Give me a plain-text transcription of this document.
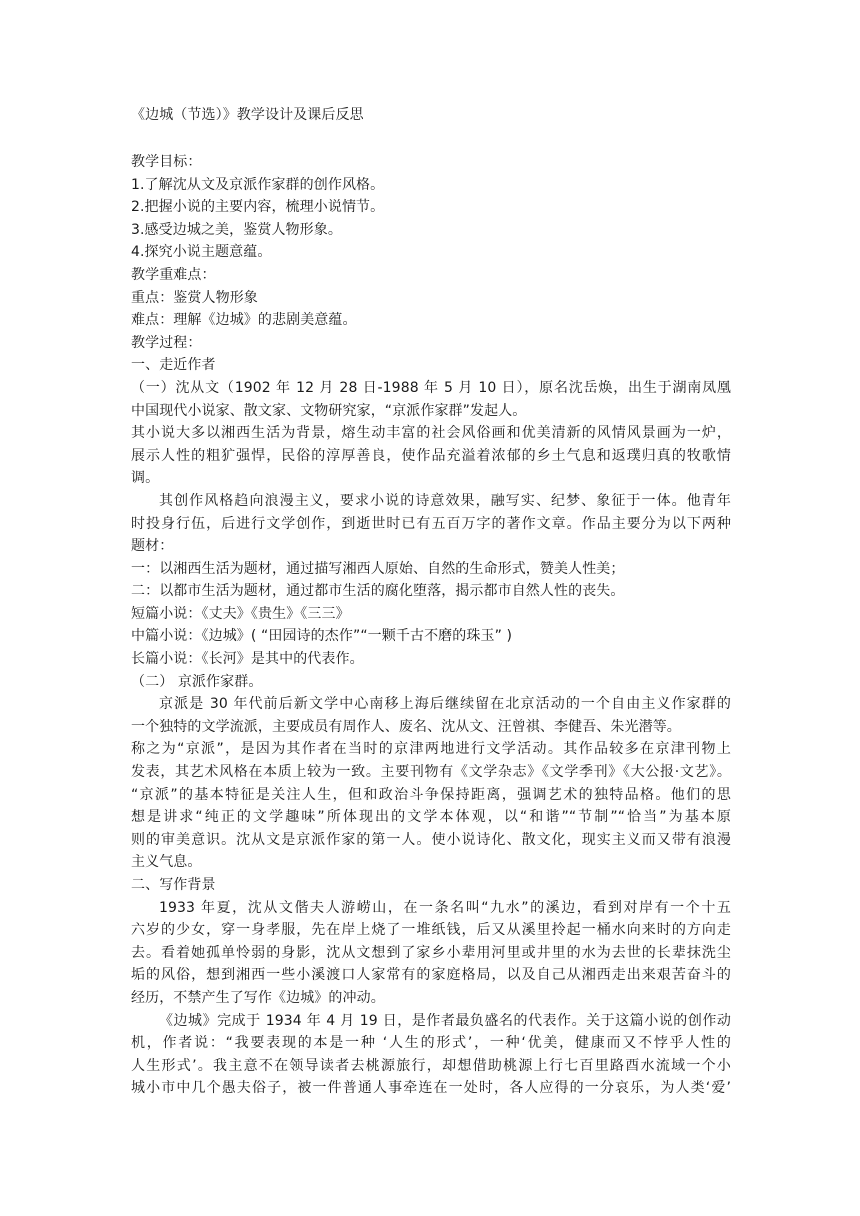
《边城（节选）》教学设计及课后反思
教学目标：
1.了解沈从文及京派作家群的创作风格。
2.把握小说的主要内容，梳理小说情节。
3.感受边城之美，鉴赏人物形象。
4.探究小说主题意蕴。
教学重难点：
重点：鉴赏人物形象
难点：理解《边城》的悲剧美意蕴。
教学过程：
一、走近作者
（一）沈从文（1902 年 12 月 28 日-1988 年 5 月 10 日），原名沈岳焕，出生于湖南凤凰
中国现代小说家、散文家、文物研究家，“京派作家群”发起人。
其小说大多以湘西生活为背景，熔生动丰富的社会风俗画和优美清新的风情风景画为一炉，
展示人性的粗犷强悍，民俗的淳厚善良，使作品充溢着浓郁的乡土气息和返璞归真的牧歌情
调。
其创作风格趋向浪漫主义，要求小说的诗意效果，融写实、纪梦、象征于一体。他青年
时投身行伍，后进行文学创作，到逝世时已有五百万字的著作文章。作品主要分为以下两种
题材：
一：以湘西生活为题材，通过描写湘西人原始、自然的生命形式，赞美人性美；
二：以都市生活为题材，通过都市生活的腐化堕落，揭示都市自然人性的丧失。
短篇小说：《丈夫》《贵生》《三三》
中篇小说：《边城》( “田园诗的杰作”“一颗千古不磨的珠玉” )
长篇小说：《长河》是其中的代表作。
（二） 京派作家群。
京派是 30 年代前后新文学中心南移上海后继续留在北京活动的一个自由主义作家群的
一个独特的文学流派，主要成员有周作人、废名、沈从文、汪曾祺、李健吾、朱光潜等。
称之为“京派”，是因为其作者在当时的京津两地进行文学活动。其作品较多在京津刊物上
发表，其艺术风格在本质上较为一致。主要刊物有《文学杂志》《文学季刊》《大公报·文艺》。
“京派”的基本特征是关注人生，但和政治斗争保持距离，强调艺术的独特品格。他们的思
想是讲求“纯正的文学趣味”所体现出的文学本体观，以“和谐”“节制”“恰当”为基本原
则的审美意识。沈从文是京派作家的第一人。使小说诗化、散文化，现实主义而又带有浪漫
主义气息。
二、写作背景
1933 年夏，沈从文偕夫人游崂山，在一条名叫“九水”的溪边，看到对岸有一个十五
六岁的少女，穿一身孝服，先在岸上烧了一堆纸钱，后又从溪里拎起一桶水向来时的方向走
去。看着她孤单怜弱的身影，沈从文想到了家乡小辈用河里或井里的水为去世的长辈抹洗尘
垢的风俗，想到湘西一些小溪渡口人家常有的家庭格局，以及自己从湘西走出来艰苦奋斗的
经历，不禁产生了写作《边城》的冲动。
《边城》完成于 1934 年 4 月 19 日，是作者最负盛名的代表作。关于这篇小说的创作动
机，作者说：“我要表现的本是一种 ‘人生的形式’，一种‘优美，健康而又不悖乎人性的
人生形式’。我主意不在领导读者去桃源旅行，却想借助桃源上行七百里路酉水流域一个小
城小市中几个愚夫俗子，被一件普通人事牵连在一处时，各人应得的一分哀乐，为人类‘爱’
